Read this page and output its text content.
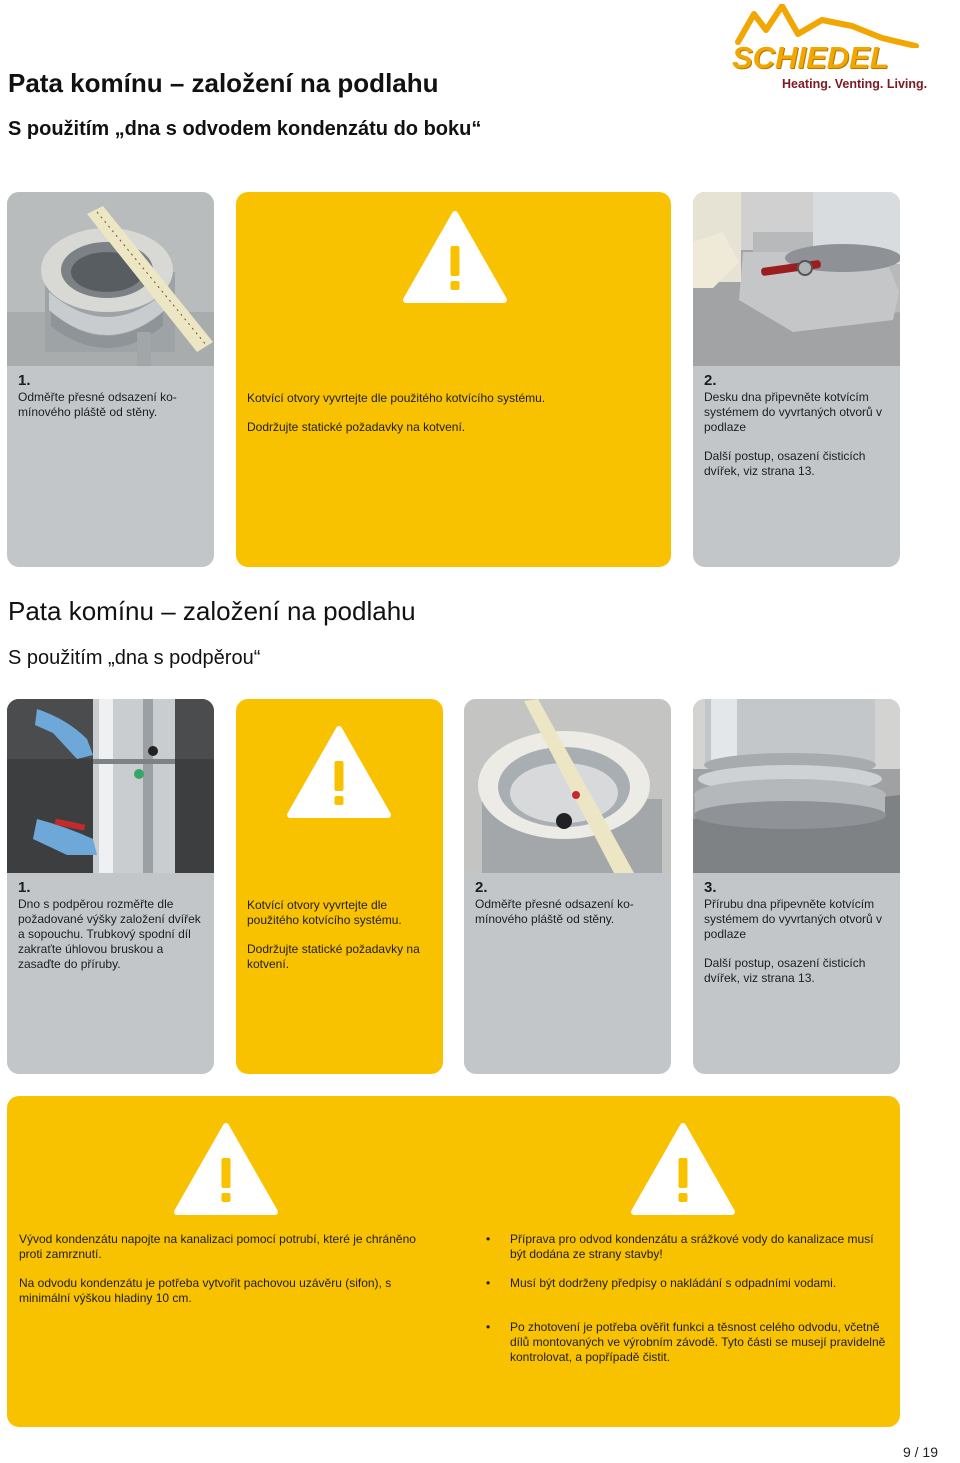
Pata komínu – založení na podlahu
S použitím „dna s odvodem kondenzátu do boku“
SCHIEDEL
Heating. Venting. Living.
1.
Odměřte přesné odsazení ko- mínového pláště od stěny.
Kotvící otvory vyvrtejte dle použitého kotvícího systému.
Dodržujte statické požadavky na kotvení.
2.
Desku dna připevněte kotvícím systémem do vyvrtaných otvorů v podlaze
Další postup, osazení čisticích dvířek, viz strana 13.
Pata komínu – založení na podlahu
S použitím „dna s podpěrou“
1.
Dno s podpěrou rozměřte dle požadované výšky založení dvířek a sopouchu. Trubkový spodní díl zakraťte úhlovou bruskou a zasaďte do příruby.
Kotvící otvory vyvrtejte dle použitého kotvícího systému.
Dodržujte statické požadavky na kotvení.
2.
Odměřte přesné odsazení ko- mínového pláště od stěny.
3.
Přírubu dna připevněte kotvícím systémem do vyvrtaných otvorů v podlaze
Další postup, osazení čisticích dvířek, viz strana 13.
Vývod kondenzátu napojte na kanalizaci pomocí potrubí, které je chráněno proti zamrznutí.
Na odvodu kondenzátu je potřeba vytvořit pachovou uzávěru (sifon), s minimální výškou hladiny 10 cm.
• Příprava pro odvod kondenzátu a srážkové vody do kanalizace musí být dodána ze strany stavby!
• Musí být dodrženy předpisy o nakládání s odpadními vodami.
• Po zhotovení je potřeba ověřit funkci a těsnost celého odvodu, včetně dílů montovaných ve výrobním závodě. Tyto části se musejí pravidelně kontrolovat, a popřípadě čistit.
9 / 19
